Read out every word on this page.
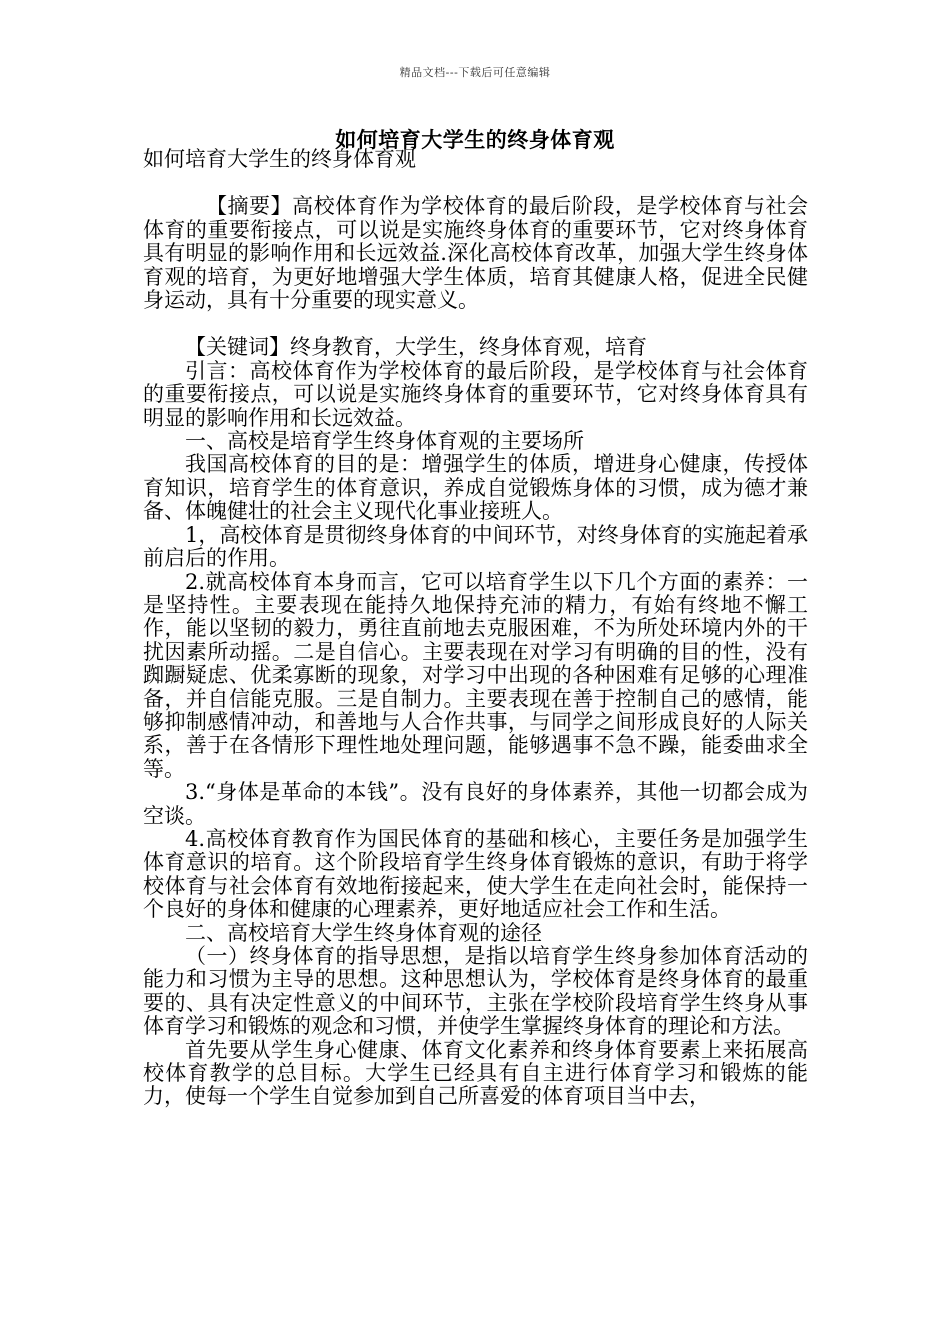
精品文档---下载后可任意编辑
如何培育大学生的终身体育观

如何培育大学生的终身体育观

【摘要】高校体育作为学校体育的最后阶段，是学校体育与社会体育的重要衔接点，可以说是实施终身体育的重要环节，它对终身体育具有明显的影响作用和长远效益.深化高校体育改革，加强大学生终身体育观的培育，为更好地增强大学生体质，培育其健康人格，促进全民健身运动，具有十分重要的现实意义。

【关键词】终身教育，大学生，终身体育观，培育

引言：高校体育作为学校体育的最后阶段，是学校体育与社会体育的重要衔接点，可以说是实施终身体育的重要环节，它对终身体育具有明显的影响作用和长远效益。

一、高校是培育学生终身体育观的主要场所

我国高校体育的目的是：增强学生的体质，增进身心健康，传授体育知识，培育学生的体育意识，养成自觉锻炼身体的习惯，成为德才兼备、体魄健壮的社会主义现代化事业接班人。

1，高校体育是贯彻终身体育的中间环节，对终身体育的实施起着承前启后的作用。

2.就高校体育本身而言，它可以培育学生以下几个方面的素养：一是坚持性。主要表现在能持久地保持充沛的精力，有始有终地不懈工作，能以坚韧的毅力，勇往直前地去克服困难，不为所处环境内外的干扰因素所动摇。二是自信心。主要表现在对学习有明确的目的性，没有踟蹰疑虑、优柔寡断的现象，对学习中出现的各种困难有足够的心理准备，并自信能克服。三是自制力。主要表现在善于控制自己的感情，能够抑制感情冲动，和善地与人合作共事，与同学之间形成良好的人际关系，善于在各情形下理性地处理问题，能够遇事不急不躁，能委曲求全等。

3.“身体是革命的本钱”。没有良好的身体素养，其他一切都会成为空谈。

4.高校体育教育作为国民体育的基础和核心，主要任务是加强学生体育意识的培育。这个阶段培育学生终身体育锻炼的意识，有助于将学校体育与社会体育有效地衔接起来，使大学生在走向社会时，能保持一个良好的身体和健康的心理素养，更好地适应社会工作和生活。

二、高校培育大学生终身体育观的途径

（一）终身体育的指导思想，是指以培育学生终身参加体育活动的能力和习惯为主导的思想。这种思想认为，学校体育是终身体育的最重要的、具有决定性意义的中间环节，主张在学校阶段培育学生终身从事体育学习和锻炼的观念和习惯，并使学生掌握终身体育的理论和方法。

首先要从学生身心健康、体育文化素养和终身体育要素上来拓展高校体育教学的总目标。大学生已经具有自主进行体育学习和锻炼的能力，使每一个学生自觉参加到自己所喜爱的体育项目当中去，
